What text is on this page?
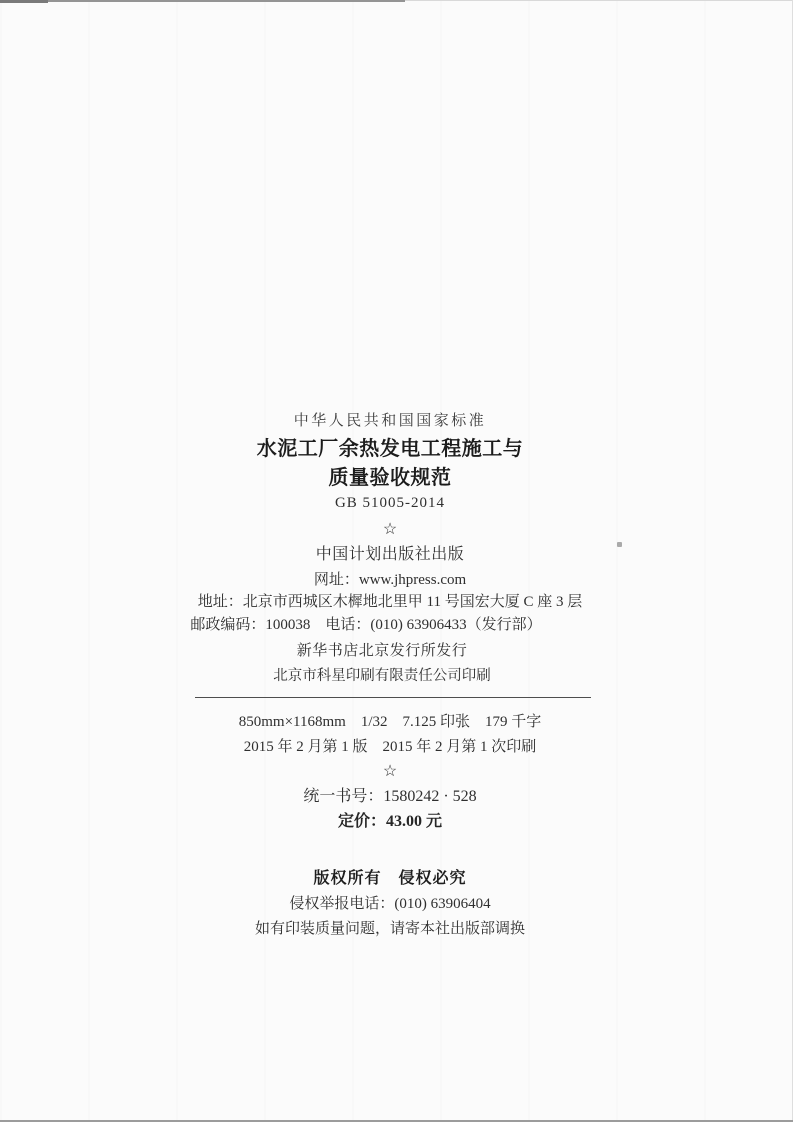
中华人民共和国国家标准
水泥工厂余热发电工程施工与
质量验收规范
GB 51005-2014
☆
中国计划出版社出版
网址：www.jhpress.com
地址：北京市西城区木樨地北里甲 11 号国宏大厦 C 座 3 层
邮政编码：100038　电话：(010) 63906433（发行部）
新华书店北京发行所发行
北京市科星印刷有限责任公司印刷
850mm×1168mm　1/32　7.125 印张　179 千字
2015 年 2 月第 1 版　2015 年 2 月第 1 次印刷
☆
统一书号：1580242 · 528
定价：43.00 元
版权所有　侵权必究
侵权举报电话：(010) 63906404
如有印装质量问题，请寄本社出版部调换
